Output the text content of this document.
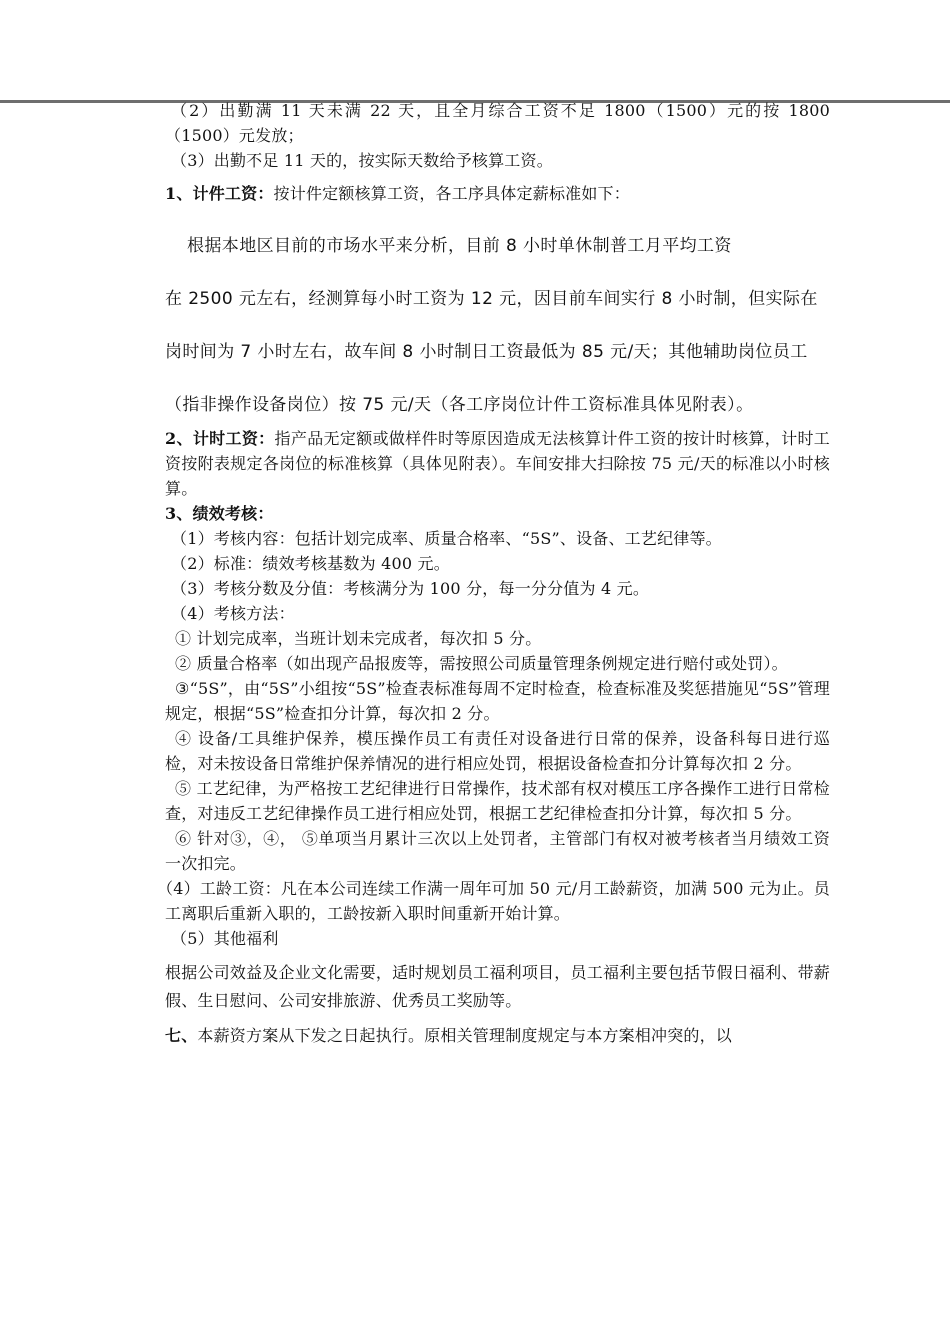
（2）出勤满 11 天未满 22 天，且全月综合工资不足 1800（1500）元的按 1800 （1500）元发放；

（3）出勤不足 11 天的，按实际天数给予核算工资。

1、计件工资：按计件定额核算工资，各工序具体定薪标准如下：

根据本地区目前的市场水平来分析，目前 8 小时单休制普工月平均工资
在 2500 元左右，经测算每小时工资为 12 元，因目前车间实行 8 小时制，但实际在岗时间为 7 小时左右，故车间 8 小时制日工资最低为 85 元/天；其他辅助岗位员工（指非操作设备岗位）按 75 元/天（各工序岗位计件工资标准具体见附表）。

2、计时工资：指产品无定额或做样件时等原因造成无法核算计件工资的按计时核算，计时工资按附表规定各岗位的标准核算（具体见附表）。车间安排大扫除按 75 元/天的标准以小时核算。

3、绩效考核：

（1）考核内容：包括计划完成率、质量合格率、“5S”、设备、工艺纪律等。

（2）标准：绩效考核基数为 400 元。

（3）考核分数及分值：考核满分为 100 分，每一分分值为 4 元。

（4）考核方法：

① 计划完成率，当班计划未完成者，每次扣 5 分。

② 质量合格率（如出现产品报废等，需按照公司质量管理条例规定进行赔付或处罚）。

③“5S”，由“5S”小组按“5S”检查表标准每周不定时检查，检查标准及奖惩措施见“5S”管理规定，根据“5S”检查扣分计算，每次扣 2 分。

④ 设备/工具维护保养，模压操作员工有责任对设备进行日常的保养，设备科每日进行巡检，对未按设备日常维护保养情况的进行相应处罚，根据设备检查扣分计算每次扣 2 分。

⑤ 工艺纪律，为严格按工艺纪律进行日常操作，技术部有权对模压工序各操作工进行日常检查，对违反工艺纪律操作员工进行相应处罚，根据工艺纪律检查扣分计算，每次扣 5 分。

⑥ 针对③，④， ⑤单项当月累计三次以上处罚者，主管部门有权对被考核者当月绩效工资一次扣完。

（4）工龄工资：凡在本公司连续工作满一周年可加 50 元/月工龄薪资，加满 500 元为止。员工离职后重新入职的，工龄按新入职时间重新开始计算。

（5）其他福利

根据公司效益及企业文化需要，适时规划员工福利项目，员工福利主要包括节假日福利、带薪假、生日慰问、公司安排旅游、优秀员工奖励等。

七、本薪资方案从下发之日起执行。原相关管理制度规定与本方案相冲突的，以
